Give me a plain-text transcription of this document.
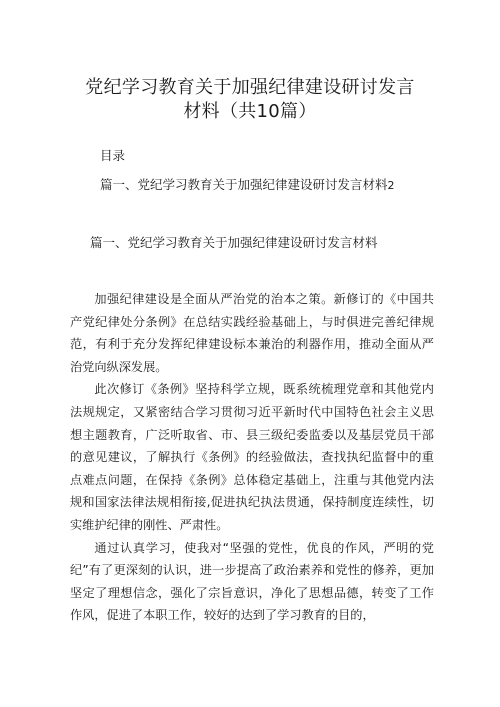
党纪学习教育关于加强纪律建设研讨发言
材料（共10篇）
目录
篇一、党纪学习教育关于加强纪律建设研讨发言材料2
篇一、党纪学习教育关于加强纪律建设研讨发言材料

加强纪律建设是全面从严治党的治本之策。新修订的《中国共产党纪律处分条例》在总结实践经验基础上，与时俱进完善纪律规范，有利于充分发挥纪律建设标本兼治的利器作用，推动全面从严治党向纵深发展。

此次修订《条例》坚持科学立规，既系统梳理党章和其他党内法规规定，又紧密结合学习贯彻习近平新时代中国特色社会主义思想主题教育，广泛听取省、市、县三级纪委监委以及基层党员干部的意见建议，了解执行《条例》的经验做法，查找执纪监督中的重点难点问题，在保持《条例》总体稳定基础上，注重与其他党内法规和国家法律法规相衔接,促进执纪执法贯通，保持制度连续性，切实维护纪律的刚性、严肃性。

通过认真学习，使我对“坚强的党性，优良的作风，严明的党纪”有了更深刻的认识，进一步提高了政治素养和党性的修养，更加坚定了理想信念，强化了宗旨意识，净化了思想品德，转变了工作作风，促进了本职工作，较好的达到了学习教育的目的，
